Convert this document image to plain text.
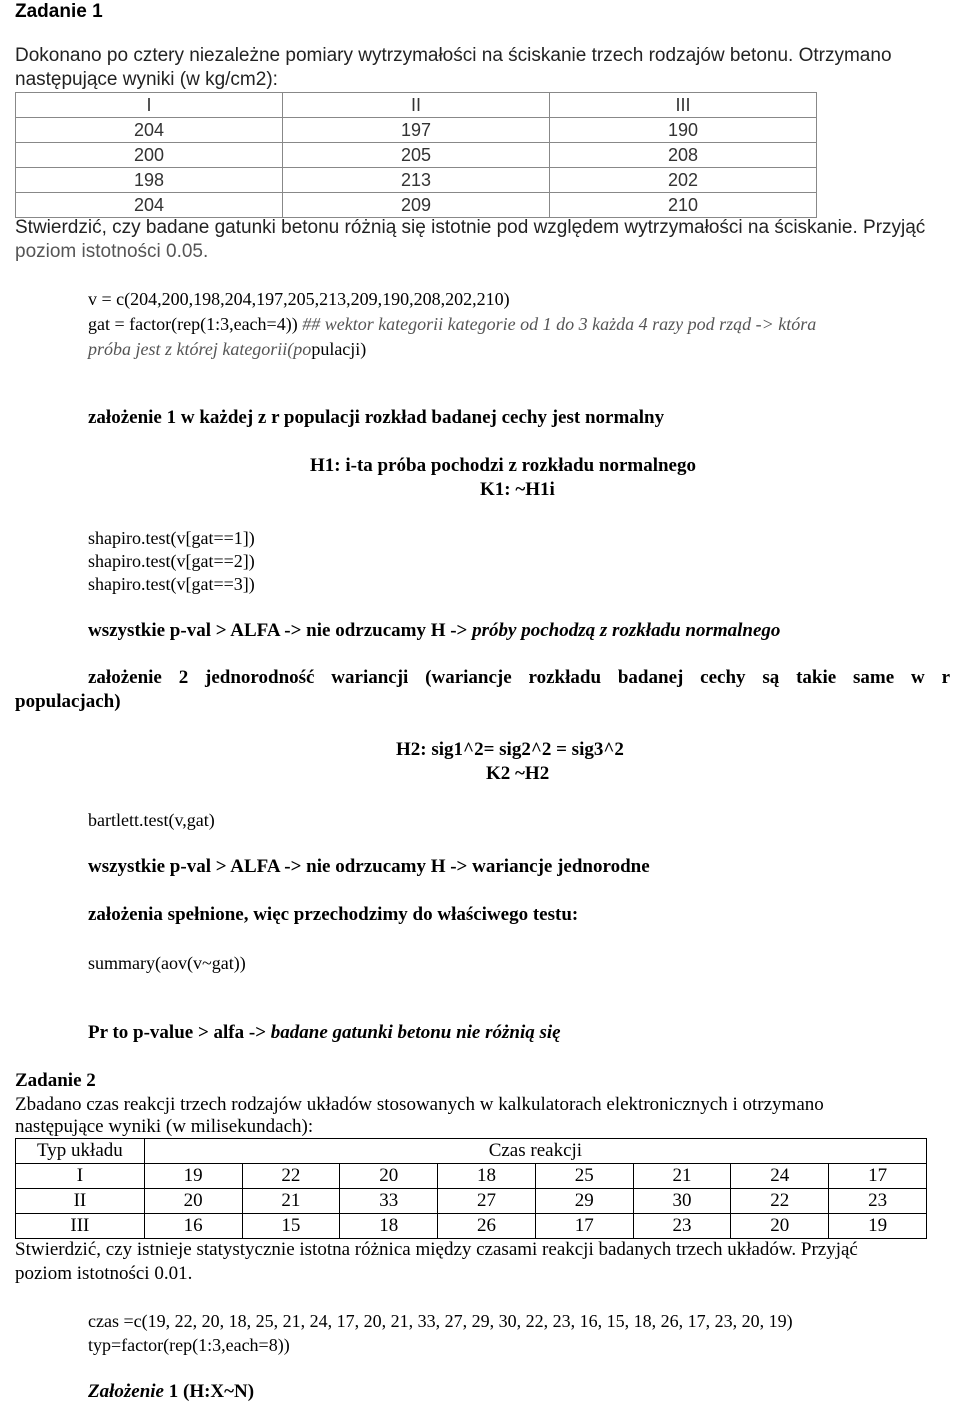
Zadanie 1
Dokonano po cztery niezależne pomiary wytrzymałości na ściskanie trzech rodzajów betonu. Otrzymano
następujące wyniki (w kg/cm2):
I	II	III
204	197	190
200	205	208
198	213	202
204	209	210
Stwierdzić, czy badane gatunki betonu różnią się istotnie pod względem wytrzymałości na ściskanie. Przyjąć
poziom istotności 0.05.
v = c(204,200,198,204,197,205,213,209,190,208,202,210)
gat = factor(rep(1:3,each=4)) ## wektor kategorii kategorie od 1 do 3 każda 4 razy pod rząd -> która
próba jest z której kategorii(populacji)
założenie 1 w każdej z r populacji rozkład badanej cechy jest normalny
H1: i-ta próba pochodzi z rozkładu normalnego
K1: ~H1i
shapiro.test(v[gat==1])
shapiro.test(v[gat==2])
shapiro.test(v[gat==3])
wszystkie p-val > ALFA -> nie odrzucamy H -> próby pochodzą z rozkładu normalnego
założenie 2 jednorodność wariancji (wariancje rozkładu badanej cechy są takie same w r
populacjach)
H2: sig1^2= sig2^2 = sig3^2
K2 ~H2
bartlett.test(v,gat)
wszystkie p-val > ALFA -> nie odrzucamy H -> wariancje jednorodne
założenia spełnione, więc przechodzimy do właściwego testu:
summary(aov(v~gat))
Pr to p-value > alfa -> badane gatunki betonu nie różnią się
Zadanie 2
Zbadano czas reakcji trzech rodzajów układów stosowanych w kalkulatorach elektronicznych i otrzymano
następujące wyniki (w milisekundach):
Typ układu	Czas reakcji							
I	19	22	20	18	25	21	24	17
II	20	21	33	27	29	30	22	23
III	16	15	18	26	17	23	20	19
Stwierdzić, czy istnieje statystycznie istotna różnica między czasami reakcji badanych trzech układów. Przyjąć
poziom istotności 0.01.
czas =c(19, 22, 20, 18, 25, 21, 24, 17, 20, 21, 33, 27, 29, 30, 22, 23, 16, 15, 18, 26, 17, 23, 20, 19)
typ=factor(rep(1:3,each=8))
Założenie 1 (H:X~N)
